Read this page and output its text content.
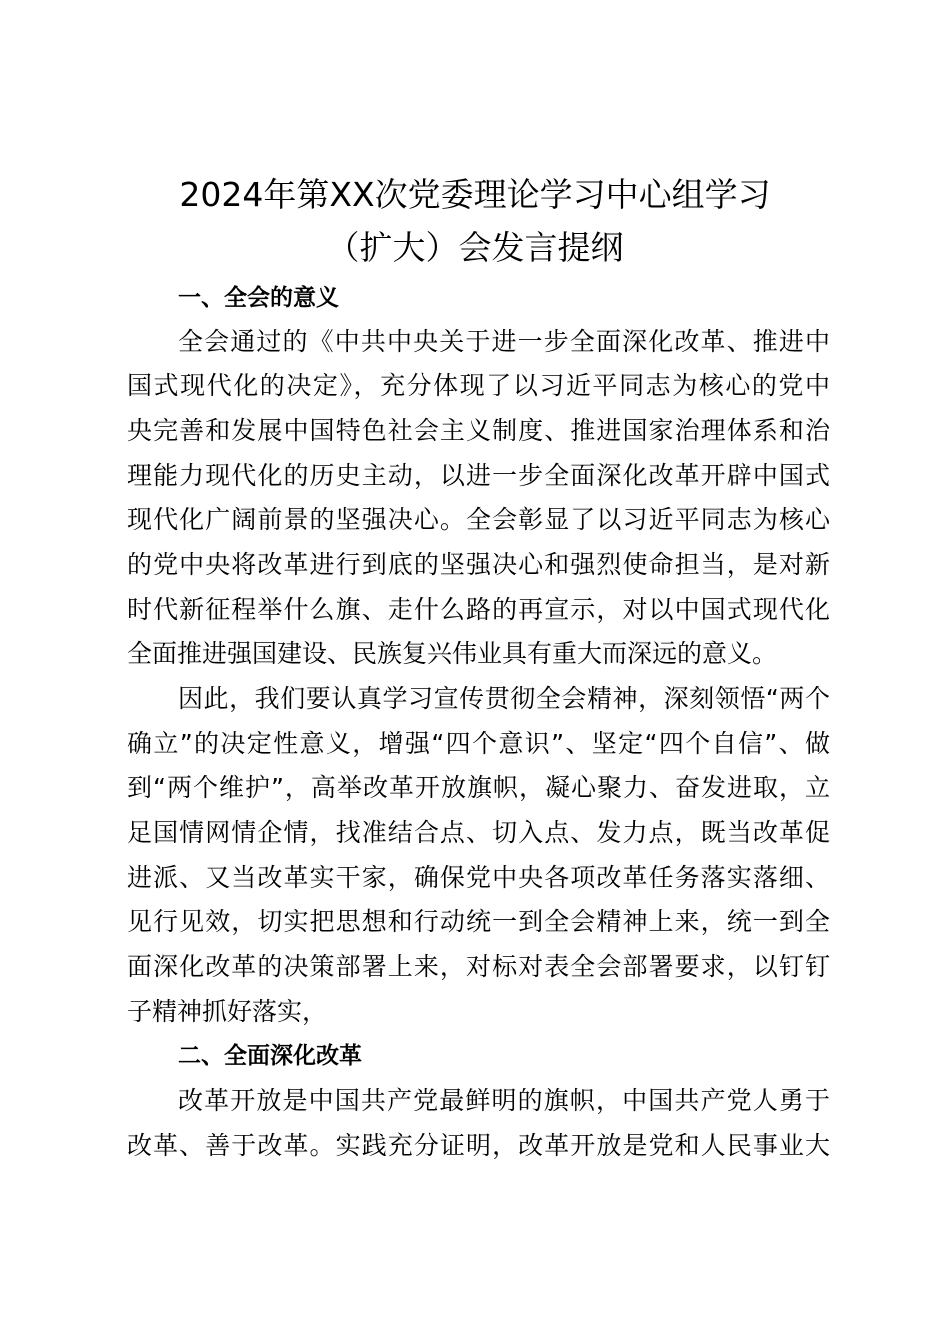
2024年第XX次党委理论学习中心组学习
（扩大）会发言提纲
一、全会的意义

全会通过的《中共中央关于进一步全面深化改革、推进中

国式现代化的决定》，充分体现了以习近平同志为核心的党中

央完善和发展中国特色社会主义制度、推进国家治理体系和治

理能力现代化的历史主动，以进一步全面深化改革开辟中国式

现代化广阔前景的坚强决心。全会彰显了以习近平同志为核心

的党中央将改革进行到底的坚强决心和强烈使命担当，是对新

时代新征程举什么旗、走什么路的再宣示，对以中国式现代化

全面推进强国建设、民族复兴伟业具有重大而深远的意义。

因此，我们要认真学习宣传贯彻全会精神，深刻领悟“两个

确立”的决定性意义，增强“四个意识”、坚定“四个自信”、做

到“两个维护”，高举改革开放旗帜，凝心聚力、奋发进取，立

足国情网情企情，找准结合点、切入点、发力点，既当改革促

进派、又当改革实干家，确保党中央各项改革任务落实落细、

见行见效，切实把思想和行动统一到全会精神上来，统一到全

面深化改革的决策部署上来，对标对表全会部署要求，以钉钉

子精神抓好落实，

二、全面深化改革

改革开放是中国共产党最鲜明的旗帜，中国共产党人勇于

改革、善于改革。实践充分证明，改革开放是党和人民事业大
